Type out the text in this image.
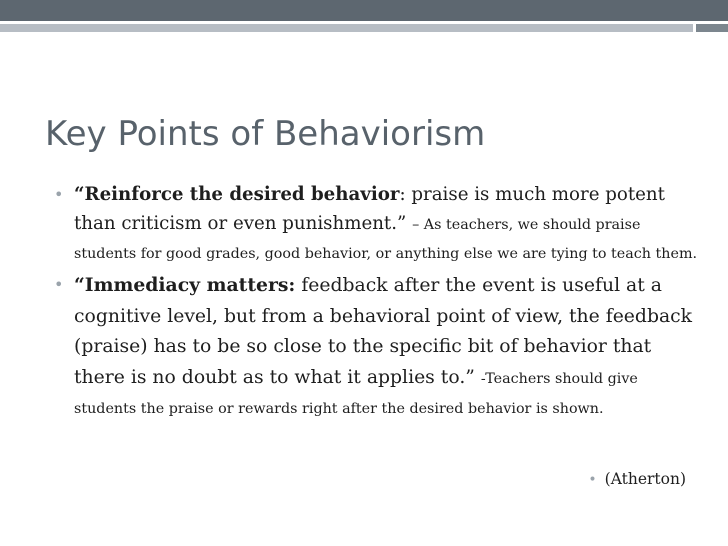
Key Points of Behaviorism

• “Reinforce the desired behavior: praise is much more potent than criticism or even punishment.” – As teachers, we should praise students for good grades, good behavior, or anything else we are tying to teach them.

• “Immediacy matters: feedback after the event is useful at a cognitive level, but from a behavioral point of view, the feedback (praise) has to be so close to the specific bit of behavior that there is no doubt as to what it applies to.” -Teachers should give students the praise or rewards right after the desired behavior is shown.

• (Atherton)
